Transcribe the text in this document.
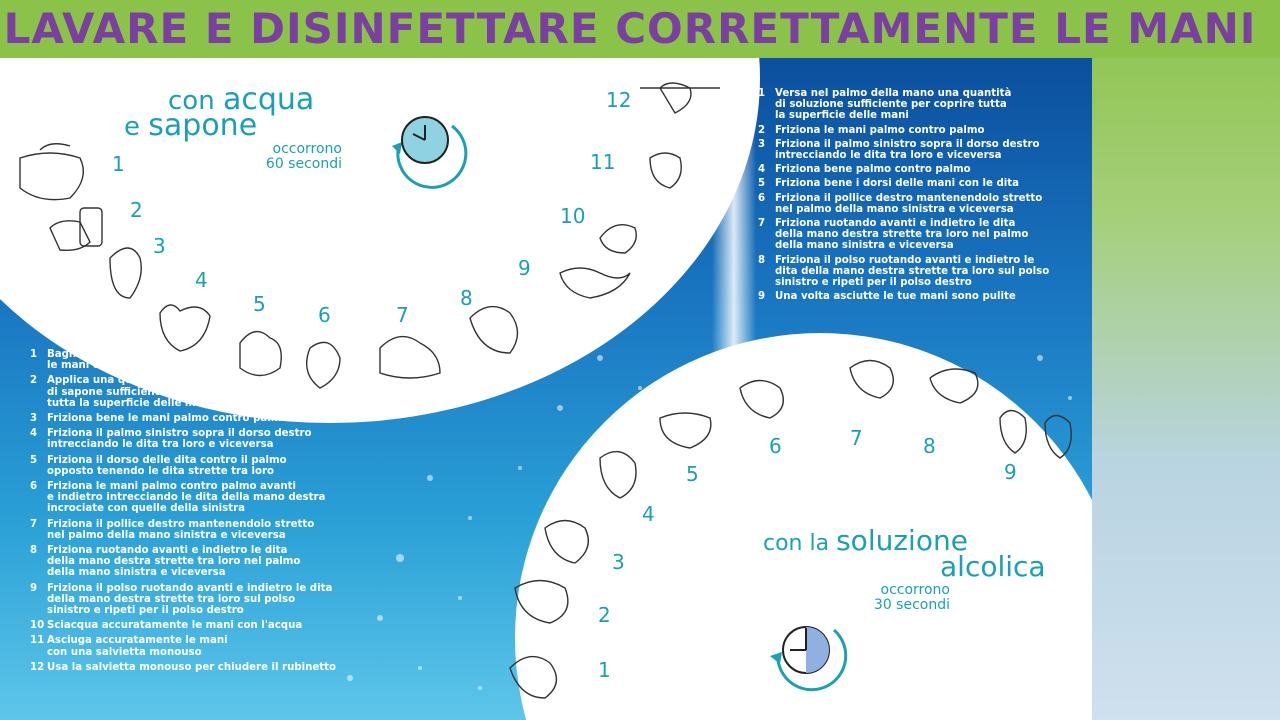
LAVARE E DISINFETTARE CORRETTAMENTE LE MANI
con acqua
e sapone
occorrono
60 secondi
1
2
3
4
5	6	7
8
9
10
11
12
con la soluzione
alcolica
occorrono
30 secondi
1
2
3
4
5
6	7	8
9
1 Bagna bene
le mani con l'acqua
2 Applica una quantità
di sapone sufficiente per coprire
tutta la superficie delle mani
3 Friziona bene le mani palmo contro palmo
4 Friziona il palmo sinistro sopra il dorso destro
intrecciando le dita tra loro e viceversa
5 Friziona il dorso delle dita contro il palmo
opposto tenendo le dita strette tra loro
6 Friziona le mani palmo contro palmo avanti
e indietro intrecciando le dita della mano destra
incrociate con quelle della sinistra
7 Friziona il pollice destro mantenendolo stretto
nel palmo della mano sinistra e viceversa
8 Friziona ruotando avanti e indietro le dita
della mano destra strette tra loro nel palmo
della mano sinistra e viceversa
9 Friziona il polso ruotando avanti e indietro le dita
della mano destra strette tra loro sul polso
sinistro e ripeti per il polso destro
10 Sciacqua accuratamente le mani con l'acqua
11 Asciuga accuratamente le mani
con una salvietta monouso
12 Usa la salvietta monouso per chiudere il rubinetto
1 Versa nel palmo della mano una quantità
di soluzione sufficiente per coprire tutta
la superficie delle mani
2 Friziona le mani palmo contro palmo
3 Friziona il palmo sinistro sopra il dorso destro
intrecciando le dita tra loro e viceversa
4 Friziona bene palmo contro palmo
5 Friziona bene i dorsi delle mani con le dita
6 Friziona il pollice destro mantenendolo stretto
nel palmo della mano sinistra e viceversa
7 Friziona ruotando avanti e indietro le dita
della mano destra strette tra loro nel palmo
della mano sinistra e viceversa
8 Friziona il polso ruotando avanti e indietro le
dita della mano destra strette tra loro sul polso
sinistro e ripeti per il polso destro
9 Una volta asciutte le tue mani sono pulite
